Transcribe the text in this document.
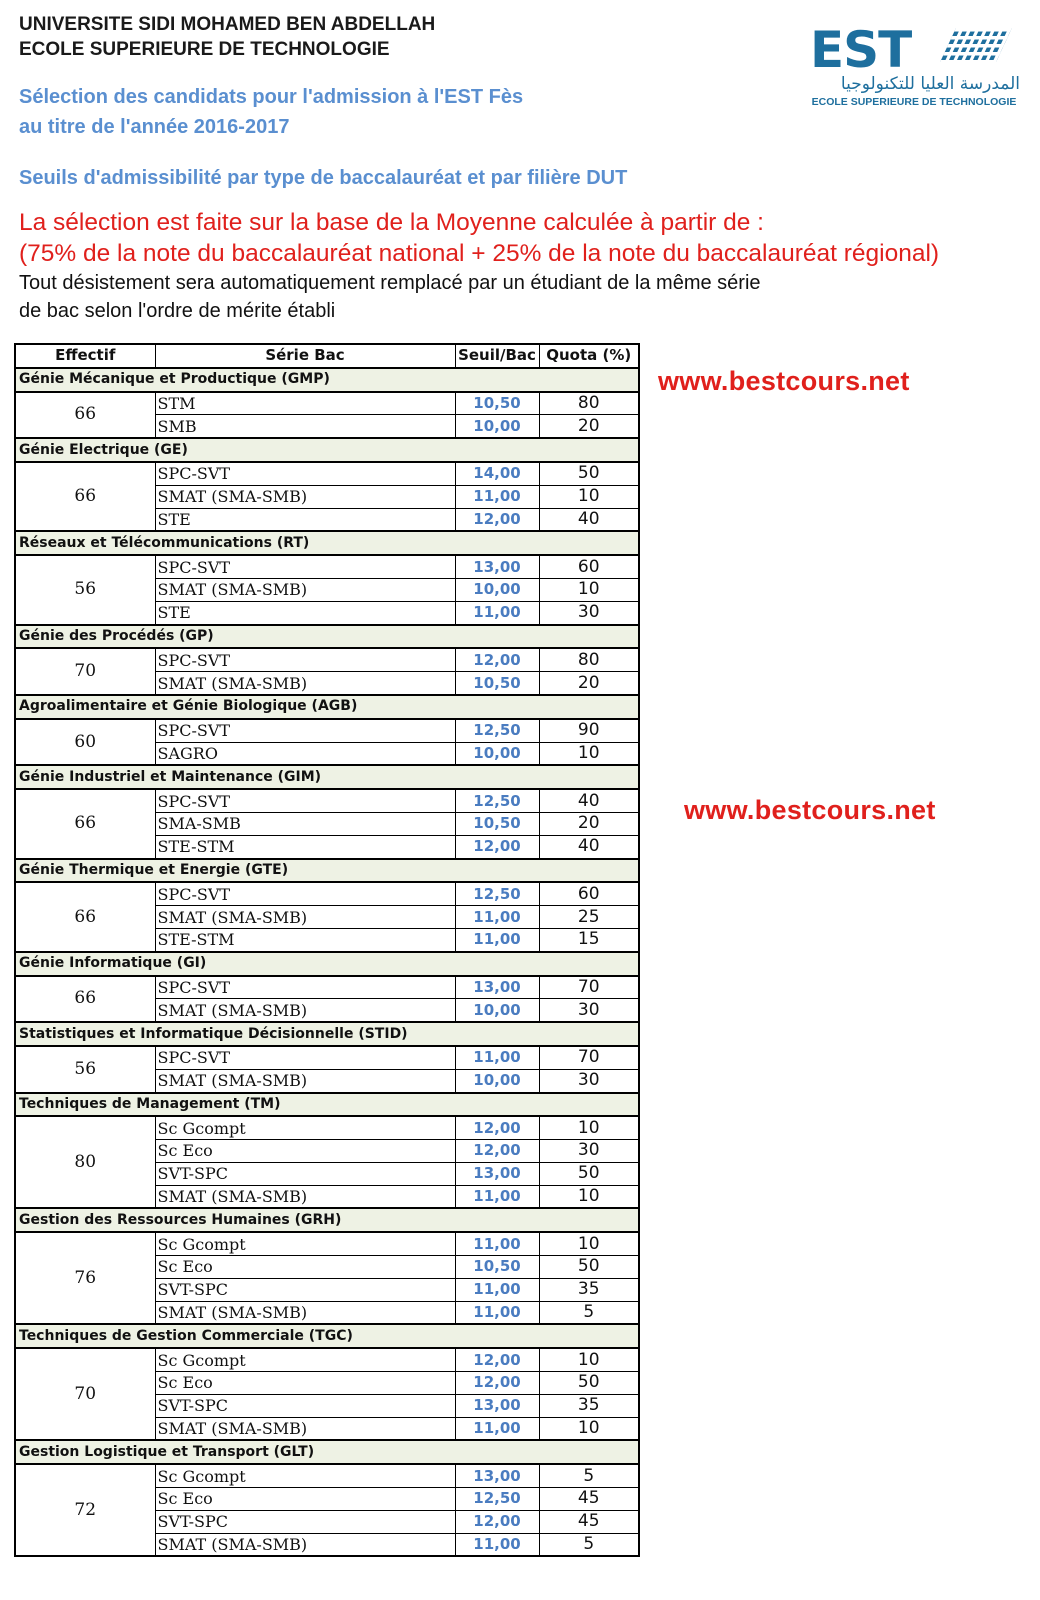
UNIVERSITE SIDI MOHAMED BEN ABDELLAH
ECOLE SUPERIEURE DE TECHNOLOGIE
Sélection des candidats pour l'admission à l'EST Fès
au titre de l'année 2016-2017
Seuils d'admissibilité par type de baccalauréat et par filière DUT
La sélection est faite sur la base de la Moyenne calculée à partir de :
(75% de la note du baccalauréat national + 25% de la note du baccalauréat régional)
Tout désistement sera automatiquement remplacé par un étudiant de la même série
de bac selon l'ordre de mérite établi
EST
المدرسة العليا للتكنولوجيا
ECOLE SUPERIEURE DE TECHNOLOGIE
www.bestcours.net
www.bestcours.net
Effectif	Série Bac	Seuil/Bac	Quota (%)
Génie Mécanique et Productique (GMP)			
66	STM	10,50	80
	SMB	10,00	20
Génie Electrique (GE)			
66	SPC-SVT	14,00	50
	SMAT (SMA-SMB)	11,00	10
	STE	12,00	40
Réseaux et Télécommunications (RT)			
56	SPC-SVT	13,00	60
	SMAT (SMA-SMB)	10,00	10
	STE	11,00	30
Génie des Procédés (GP)			
70	SPC-SVT	12,00	80
	SMAT (SMA-SMB)	10,50	20
Agroalimentaire et Génie Biologique (AGB)			
60	SPC-SVT	12,50	90
	SAGRO	10,00	10
Génie Industriel et Maintenance (GIM)			
66	SPC-SVT	12,50	40
	SMA-SMB	10,50	20
	STE-STM	12,00	40
Génie Thermique et Energie (GTE)			
66	SPC-SVT	12,50	60
	SMAT (SMA-SMB)	11,00	25
	STE-STM	11,00	15
Génie Informatique (GI)			
66	SPC-SVT	13,00	70
	SMAT (SMA-SMB)	10,00	30
Statistiques et Informatique Décisionnelle (STID)			
56	SPC-SVT	11,00	70
	SMAT (SMA-SMB)	10,00	30
Techniques de Management (TM)			
80	Sc Gcompt	12,00	10
	Sc Eco	12,00	30
	SVT-SPC	13,00	50
	SMAT (SMA-SMB)	11,00	10
Gestion des Ressources Humaines (GRH)			
76	Sc Gcompt	11,00	10
	Sc Eco	10,50	50
	SVT-SPC	11,00	35
	SMAT (SMA-SMB)	11,00	5
Techniques de Gestion Commerciale (TGC)			
70	Sc Gcompt	12,00	10
	Sc Eco	12,00	50
	SVT-SPC	13,00	35
	SMAT (SMA-SMB)	11,00	10
Gestion Logistique et Transport (GLT)			
72	Sc Gcompt	13,00	5
	Sc Eco	12,50	45
	SVT-SPC	12,00	45
	SMAT (SMA-SMB)	11,00	5
